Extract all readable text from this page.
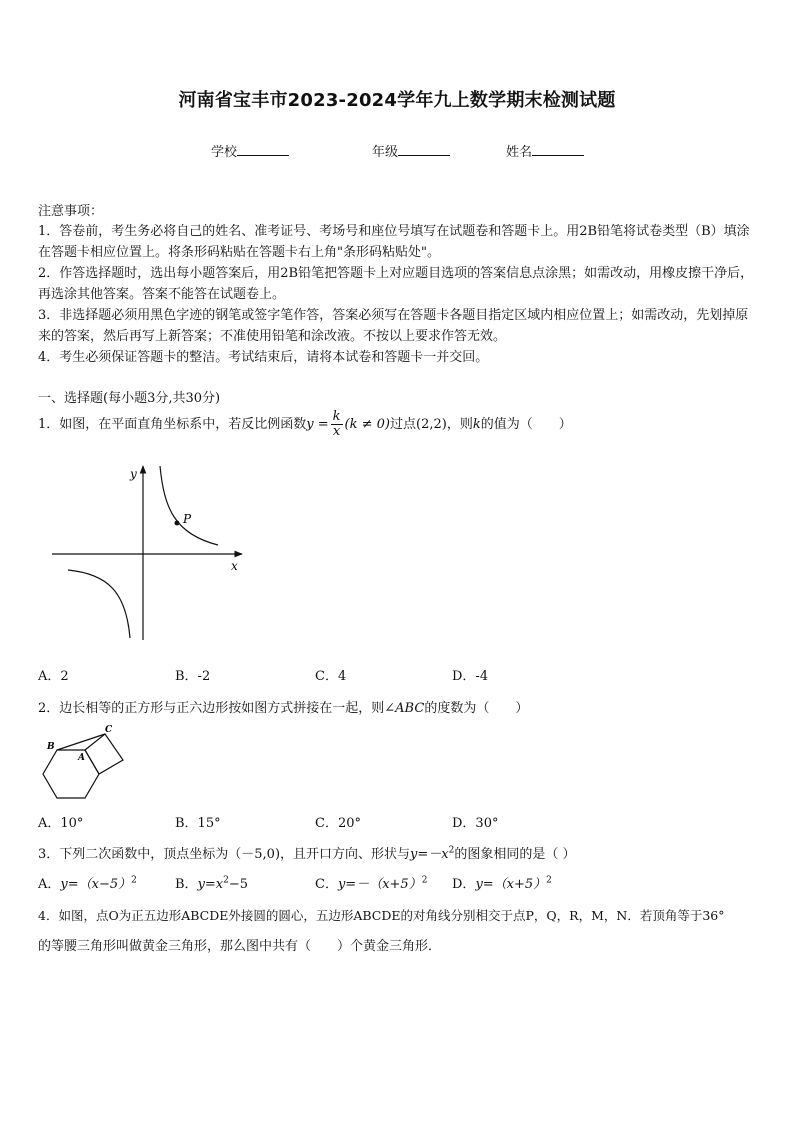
河南省宝丰市2023-2024学年九上数学期末检测试题
学校	年级	姓名
注意事项：
1．答卷前，考生务必将自己的姓名、准考证号、考场号和座位号填写在试题卷和答题卡上。用2B铅笔将试卷类型（B）填涂在答题卡相应位置上。将条形码粘贴在答题卡右上角"条形码粘贴处"。
2．作答选择题时，选出每小题答案后，用2B铅笔把答题卡上对应题目选项的答案信息点涂黑；如需改动，用橡皮擦干净后，再选涂其他答案。答案不能答在试题卷上。
3．非选择题必须用黑色字迹的钢笔或签字笔作答，答案必须写在答题卡各题目指定区域内相应位置上；如需改动，先划掉原来的答案，然后再写上新答案；不准使用铅笔和涂改液。不按以上要求作答无效。
4．考生必须保证答题卡的整洁。考试结束后，请将本试卷和答题卡一并交回。
一、选择题(每小题3分,共30分)
1．如图，在平面直角坐标系中，若反比例函数$y = \frac{k}{x} (k \ne 0)$过点(2,2)，则k的值为（　　）
P
y
x
A．2	B．-2	C．4	D．-4
2．边长相等的正方形与正六边形按如图方式拼接在一起，则∠ABC的度数为（　　）
B
C
A
A．10°	B．15°	C．20°	D．30°
3．下列二次函数中，顶点坐标为（－5,0)，且开口方向、形状与$y=-x^2$的图象相同的是（ ）
A．$y=(x-5)^2$	B．$y=x^2-5$	C．$y=-(x+5)^2$ D．$y=(x+5)^2$
4．如图，点O为正五边形ABCDE外接圆的圆心，五边形ABCDE的对角线分别相交于点P，Q，R，M，N．若顶角等于36°
的等腰三角形叫做黄金三角形，那么图中共有（　　）个黄金三角形．
